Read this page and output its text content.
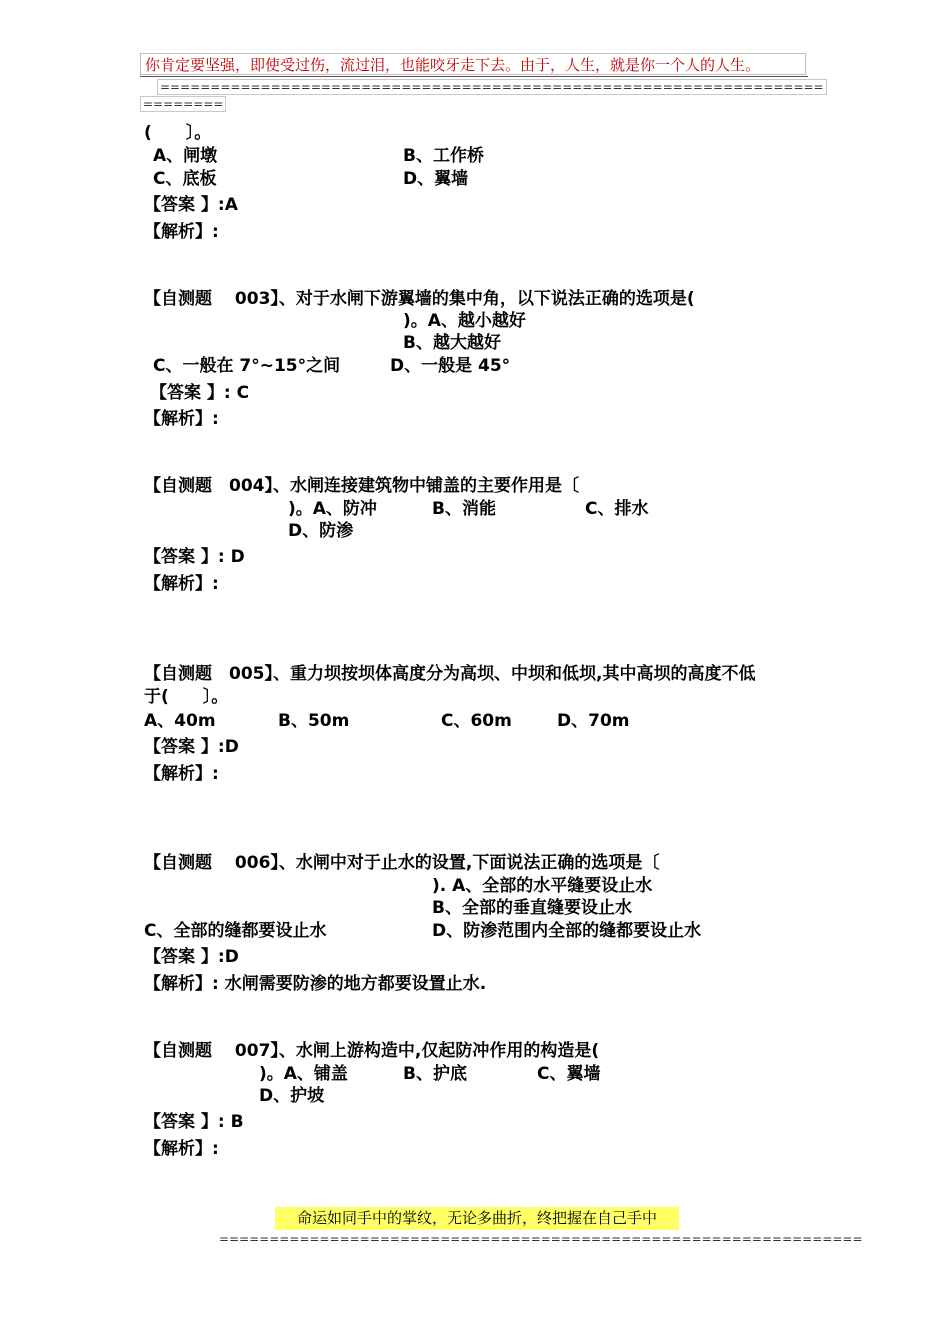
你肯定要坚强，即使受过伤，流过泪，也能咬牙走下去。由于，人生，就是你一个人的人生。
==================================================================
========
(　　〕。
A、闸墩	B、工作桥
C、底板	D、翼墙
【答案 】:A
【解析】:
【自测题　 003】、对于水闸下游翼墙的集中角，以下说法正确的选项是(
)。A、越小越好
B、越大越好
C、一般在 7°~15°之间	D、一般是 45°
【答案 】: C
【解析】:
【自测题　004】、水闸连接建筑物中铺盖的主要作用是〔
)。A、防冲	B、消能	C、排水
D、防渗
【答案 】: D
【解析】:
【自测题　005】、重力坝按坝体高度分为高坝、中坝和低坝,其中高坝的高度不低
于(　　〕。
A、40m	B、50m	C、60m	D、70m
【答案 】:D
【解析】:
【自测题　 006】、水闸中对于止水的设置,下面说法正确的选项是〔
). A、全部的水平缝要设止水
B、全部的垂直缝要设止水
C、全部的缝都要设止水	D、防渗范围内全部的缝都要设止水
【答案 】:D
【解析】: 水闸需要防渗的地方都要设置止水.
【自测题　 007】、水闸上游构造中,仅起防冲作用的构造是(
)。A、铺盖	B、护底	C、翼墙
D、护坡
【答案 】: B
【解析】:
命运如同手中的掌纹，无论多曲折，终把握在自己手中
================================================================
